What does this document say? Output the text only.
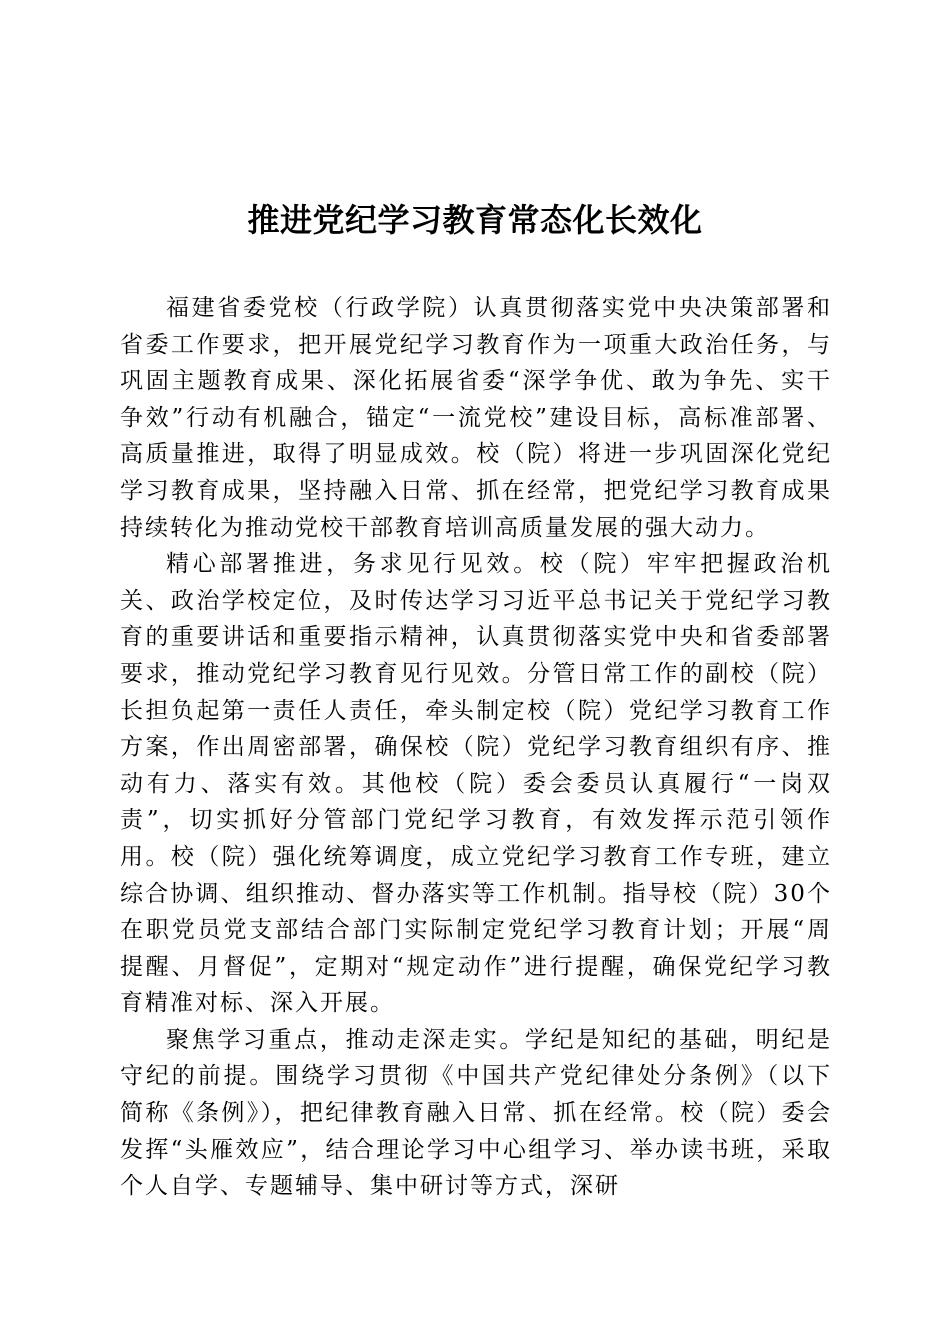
推进党纪学习教育常态化长效化

福建省委党校（行政学院）认真贯彻落实党中央决策部署和省委工作要求，把开展党纪学习教育作为一项重大政治任务，与巩固主题教育成果、深化拓展省委“深学争优、敢为争先、实干争效”行动有机融合，锚定“一流党校”建设目标，高标准部署、高质量推进，取得了明显成效。校（院）将进一步巩固深化党纪学习教育成果，坚持融入日常、抓在经常，把党纪学习教育成果持续转化为推动党校干部教育培训高质量发展的强大动力。

精心部署推进，务求见行见效。校（院）牢牢把握政治机关、政治学校定位，及时传达学习习近平总书记关于党纪学习教育的重要讲话和重要指示精神，认真贯彻落实党中央和省委部署要求，推动党纪学习教育见行见效。分管日常工作的副校（院）长担负起第一责任人责任，牵头制定校（院）党纪学习教育工作方案，作出周密部署，确保校（院）党纪学习教育组织有序、推动有力、落实有效。其他校（院）委会委员认真履行“一岗双责”，切实抓好分管部门党纪学习教育，有效发挥示范引领作用。校（院）强化统筹调度，成立党纪学习教育工作专班，建立综合协调、组织推动、督办落实等工作机制。指导校（院）30个在职党员党支部结合部门实际制定党纪学习教育计划；开展“周提醒、月督促”，定期对“规定动作”进行提醒，确保党纪学习教育精准对标、深入开展。

聚焦学习重点，推动走深走实。学纪是知纪的基础，明纪是守纪的前提。围绕学习贯彻《中国共产党纪律处分条例》（以下简称《条例》），把纪律教育融入日常、抓在经常。校（院）委会发挥“头雁效应”，结合理论学习中心组学习、举办读书班，采取个人自学、专题辅导、集中研讨等方式，深研
